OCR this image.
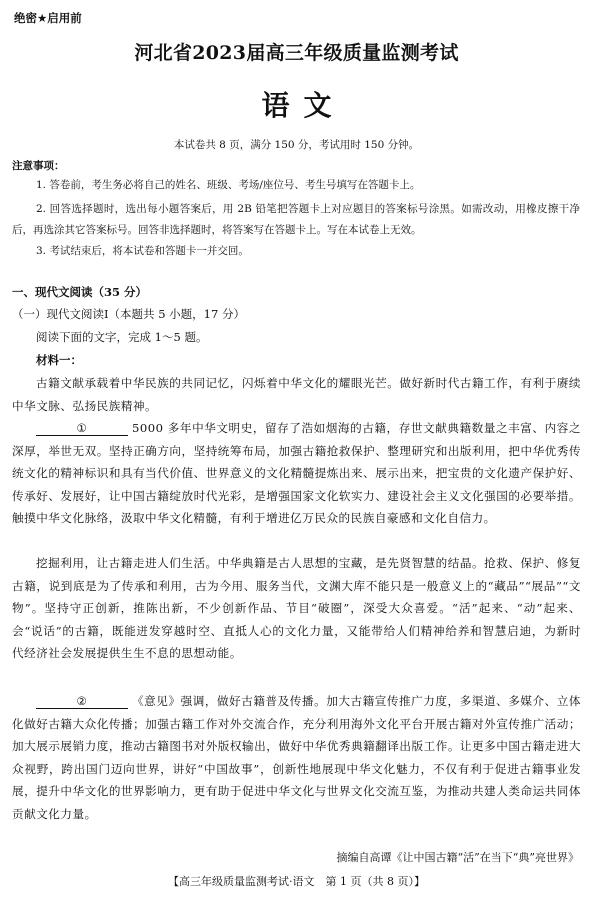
绝密★启用前
河北省2023届高三年级质量监测考试
语文
本试卷共 8 页，满分 150 分，考试用时 150 分钟。
注意事项：

1. 答卷前，考生务必将自己的姓名、班级、考场/座位号、考生号填写在答题卡上。

2. 回答选择题时，选出每小题答案后，用 2B 铅笔把答题卡上对应题目的答案标号涂黑。如需改动，用橡皮擦干净后，再选涂其它答案标号。回答非选择题时，将答案写在答题卡上。写在本试卷上无效。

3. 考试结束后，将本试卷和答题卡一并交回。

一、现代文阅读（35 分）
（一）现代文阅读Ⅰ（本题共 5 小题，17 分）
阅读下面的文字，完成 1～5 题。
材料一：

古籍文献承载着中华民族的共同记忆，闪烁着中华文化的耀眼光芒。做好新时代古籍工作，有利于赓续中华文脉、弘扬民族精神。

①	5000 多年中华文明史，留存了浩如烟海的古籍，存世文献典籍数量之丰富、内容之深厚，举世无双。坚持正确方向，坚持统筹布局，加强古籍抢救保护、整理研究和出版利用，把中华优秀传统文化的精神标识和具有当代价值、世界意义的文化精髓提炼出来、展示出来，把宝贵的文化遗产保护好、传承好、发展好，让中国古籍绽放时代光彩，是增强国家文化软实力、建设社会主义文化强国的必要举措。触摸中华文化脉络，汲取中华文化精髓，有利于增进亿万民众的民族自豪感和文化自信力。

挖掘利用，让古籍走进人们生活。中华典籍是古人思想的宝藏，是先贤智慧的结晶。抢救、保护、修复古籍，说到底是为了传承和利用，古为今用、服务当代，文渊大库不能只是一般意义上的“藏品”“展品”“文物”。坚持守正创新，推陈出新，不少创新作品、节目“破圈”，深受大众喜爱。“活”起来、“动”起来、会“说话”的古籍，既能迸发穿越时空、直抵人心的文化力量，又能带给人们精神给养和智慧启迪，为新时代经济社会发展提供生生不息的思想动能。

②	《意见》强调，做好古籍普及传播。加大古籍宣传推广力度，多渠道、多媒介、立体化做好古籍大众化传播；加强古籍工作对外交流合作，充分利用海外文化平台开展古籍对外宣传推广活动；加大展示展销力度，推动古籍图书对外版权输出，做好中华优秀典籍翻译出版工作。让更多中国古籍走进大众视野，跨出国门迈向世界，讲好“中国故事”，创新性地展现中华文化魅力，不仅有利于促进古籍事业发展，提升中华文化的世界影响力，更有助于促进中华文化与世界文化交流互鉴，为推动共建人类命运共同体贡献文化力量。

摘编自高谭《让中国古籍“活”在当下“典”亮世界》
【高三年级质量监测考试·语文　第 1 页（共 8 页）】
